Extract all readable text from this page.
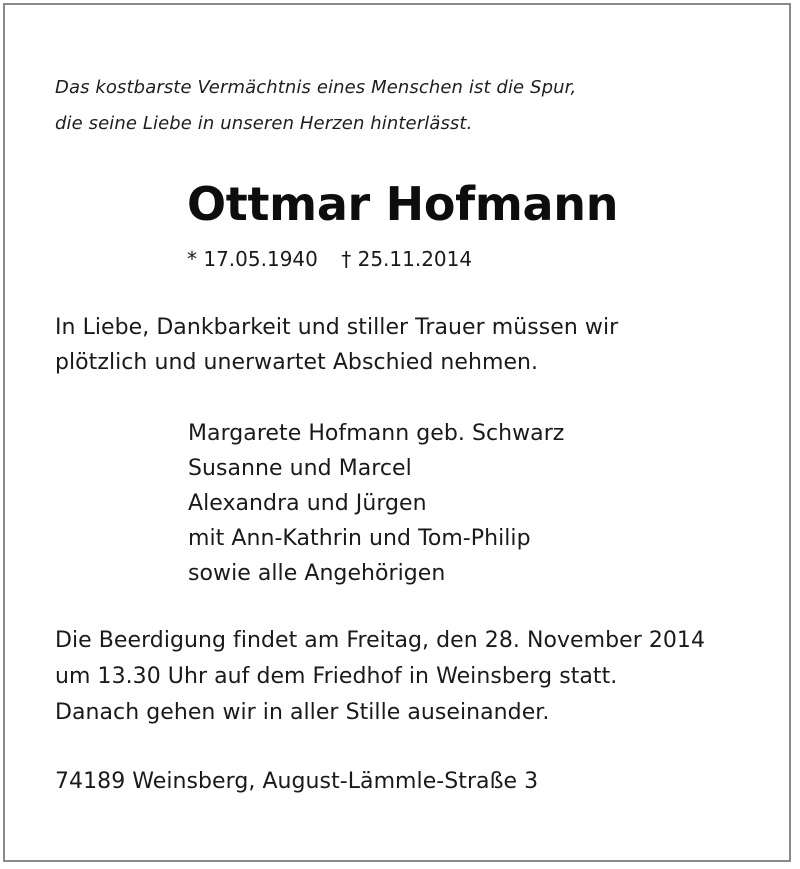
Das kostbarste Vermächtnis eines Menschen ist die Spur,

die seine Liebe in unseren Herzen hinterlässt.

Ottmar Hofmann
* 17.05.1940 † 25.11.2014

In Liebe, Dankbarkeit und stiller Trauer müssen wir

plötzlich und unerwartet Abschied nehmen.

Margarete Hofmann geb. Schwarz

Susanne und Marcel

Alexandra und Jürgen

mit Ann-Kathrin und Tom-Philip

sowie alle Angehörigen

Die Beerdigung findet am Freitag, den 28. November 2014

um 13.30 Uhr auf dem Friedhof in Weinsberg statt.

Danach gehen wir in aller Stille auseinander.

74189 Weinsberg, August-Lämmle-Straße 3
